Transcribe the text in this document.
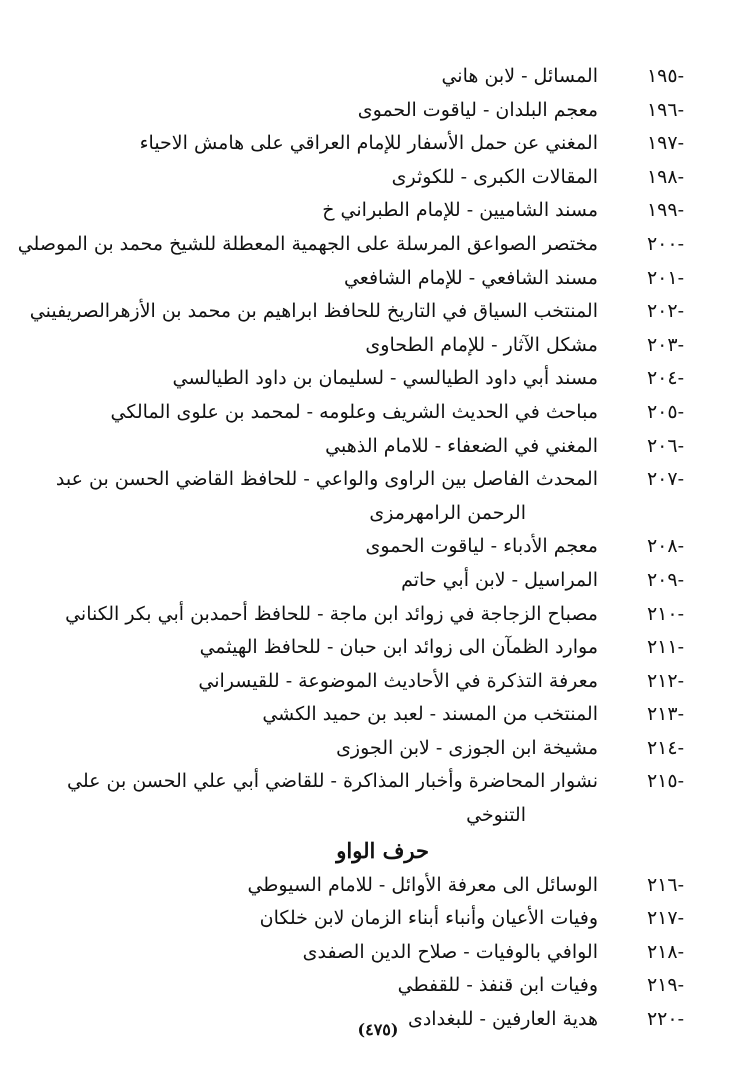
-١٩٥
المسائل - لابن هاني
-١٩٦
معجم البلدان - لياقوت الحموى
-١٩٧
المغني عن حمل الأسفار للإمام العراقي على هامش الاحياء
-١٩٨
المقالات الكبرى - للكوثرى
-١٩٩
مسند الشاميين - للإمام الطبراني خ
-٢٠٠
مختصر الصواعق المرسلة على الجهمية المعطلة للشيخ محمد بن الموصلي
-٢٠١
مسند الشافعي - للإمام الشافعي
-٢٠٢
المنتخب السياق في التاريخ للحافظ ابراهيم بن محمد بن الأزهرالصريفيني
-٢٠٣
مشكل الآثار - للإمام الطحاوى
-٢٠٤
مسند أبي داود الطيالسي - لسليمان بن داود الطيالسي
-٢٠٥
مباحث في الحديث الشريف وعلومه - لمحمد بن علوى المالكي
-٢٠٦
المغني في الضعفاء - للامام الذهبي
-٢٠٧
المحدث الفاصل بين الراوى والواعي - للحافظ القاضي الحسن بن عبد
الرحمن الرامهرمزى
-٢٠٨
معجم الأدباء - لياقوت الحموى
-٢٠٩
المراسيل - لابن أبي حاتم
-٢١٠
مصباح الزجاجة في زوائد ابن ماجة - للحافظ أحمدبن أبي بكر الكناني
-٢١١
موارد الظمآن الى زوائد ابن حبان - للحافظ الهيثمي
-٢١٢
معرفة التذكرة في الأحاديث الموضوعة - للقيسراني
-٢١٣
المنتخب من المسند - لعبد بن حميد الكشي
-٢١٤
مشيخة ابن الجوزى - لابن الجوزى
-٢١٥
نشوار المحاضرة وأخبار المذاكرة - للقاضي أبي علي الحسن بن علي
التنوخي
حرف الواو
-٢١٦
الوسائل الى معرفة الأوائل - للامام السيوطي
-٢١٧
وفيات الأعيان وأنباء أبناء الزمان لابن خلكان
-٢١٨
الوافي بالوفيات - صلاح الدين الصفدى
-٢١٩
وفيات ابن قنفذ - للقفطي
-٢٢٠
هدية العارفين - للبغدادى
(٤٧٥)
